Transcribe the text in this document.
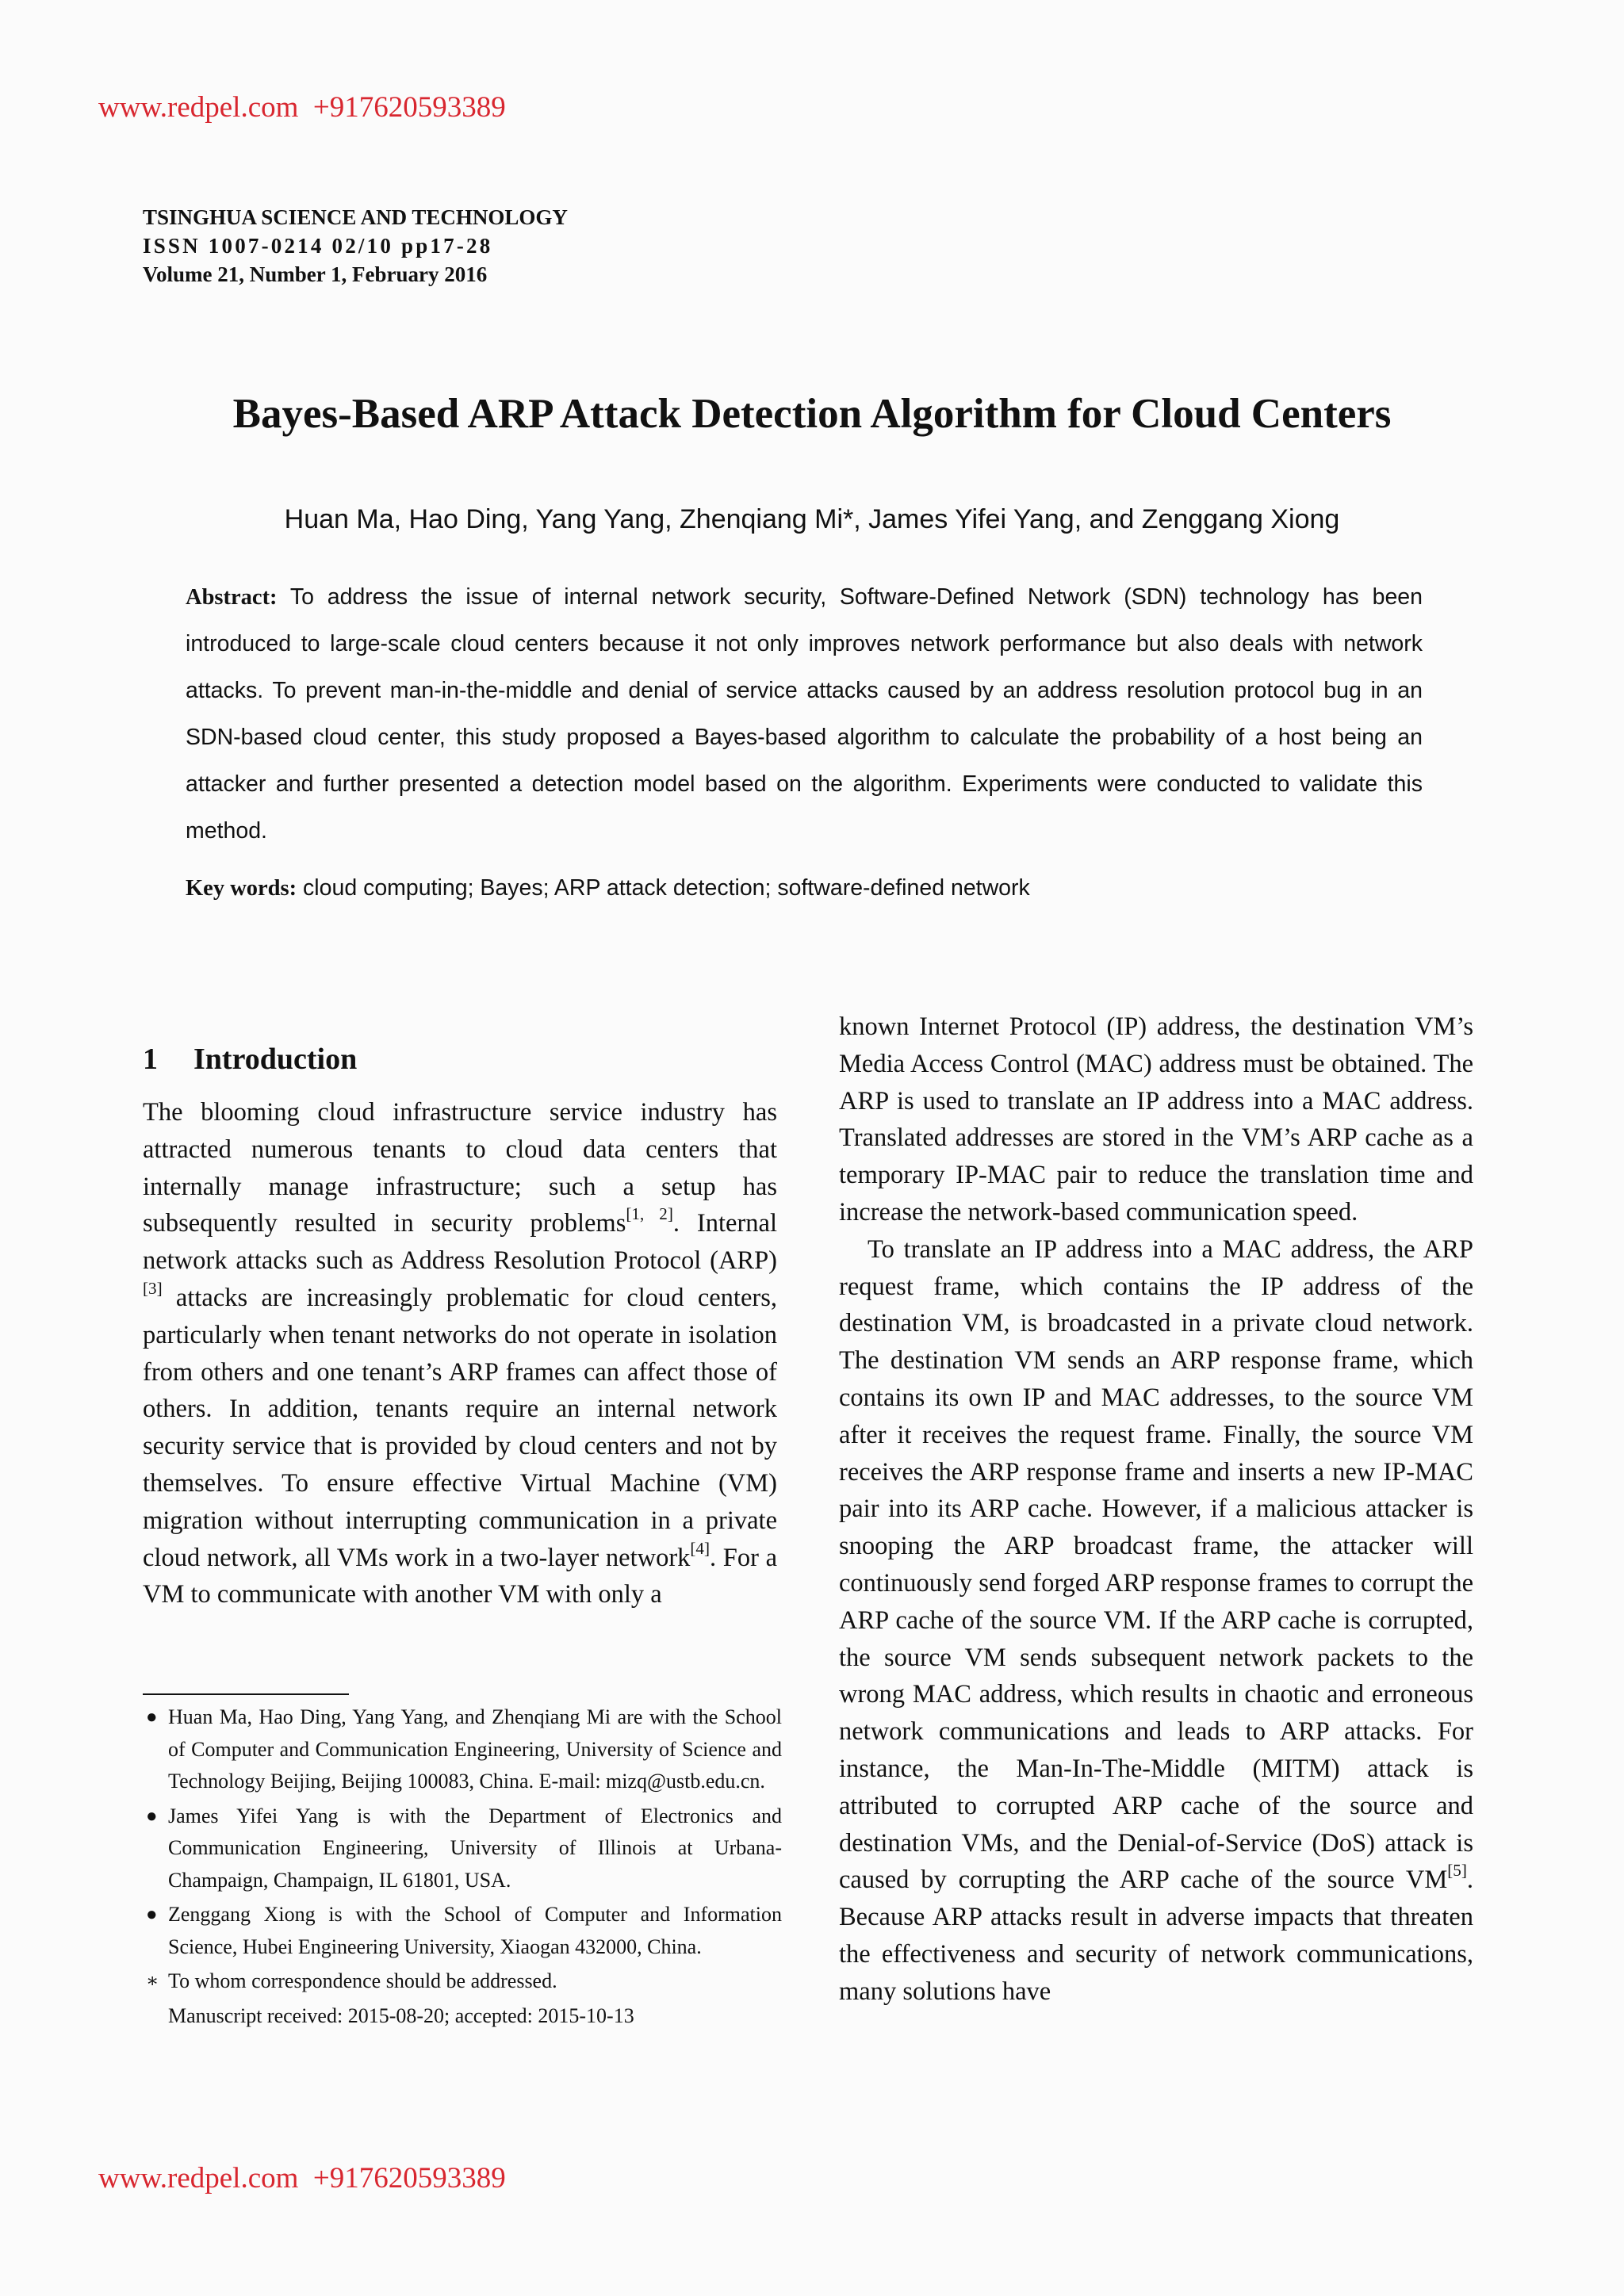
www.redpel.com +917620593389
TSINGHUA SCIENCE AND TECHNOLOGY
ISSN 1007-0214 02/10 pp17-28
Volume 21, Number 1, February 2016
Bayes-Based ARP Attack Detection Algorithm for Cloud Centers
Huan Ma, Hao Ding, Yang Yang, Zhenqiang Mi*, James Yifei Yang, and Zenggang Xiong
Abstract: To address the issue of internal network security, Software-Defined Network (SDN) technology has been introduced to large-scale cloud centers because it not only improves network performance but also deals with network attacks. To prevent man-in-the-middle and denial of service attacks caused by an address resolution protocol bug in an SDN-based cloud center, this study proposed a Bayes-based algorithm to calculate the probability of a host being an attacker and further presented a detection model based on the algorithm. Experiments were conducted to validate this method.
Key words: cloud computing; Bayes; ARP attack detection; software-defined network
1 Introduction

The blooming cloud infrastructure service industry has attracted numerous tenants to cloud data centers that internally manage infrastructure; such a setup has subsequently resulted in security problems[1, 2]. Internal network attacks such as Address Resolution Protocol (ARP)[3] attacks are increasingly problematic for cloud centers, particularly when tenant networks do not operate in isolation from others and one tenant’s ARP frames can affect those of others. In addition, tenants require an internal network security service that is provided by cloud centers and not by themselves. To ensure effective Virtual Machine (VM) migration without interrupting communication in a private cloud network, all VMs work in a two-layer network[4]. For a VM to communicate with another VM with only a

● Huan Ma, Hao Ding, Yang Yang, and Zhenqiang Mi are with the School of Computer and Communication Engineering, University of Science and Technology Beijing, Beijing 100083, China. E-mail: mizq@ustb.edu.cn.
● James Yifei Yang is with the Department of Electronics and Communication Engineering, University of Illinois at Urbana-Champaign, Champaign, IL 61801, USA.
● Zenggang Xiong is with the School of Computer and Information Science, Hubei Engineering University, Xiaogan 432000, China.
∗ To whom correspondence should be addressed.
Manuscript received: 2015-08-20; accepted: 2015-10-13

known Internet Protocol (IP) address, the destination VM’s Media Access Control (MAC) address must be obtained. The ARP is used to translate an IP address into a MAC address. Translated addresses are stored in the VM’s ARP cache as a temporary IP-MAC pair to reduce the translation time and increase the network-based communication speed.

To translate an IP address into a MAC address, the ARP request frame, which contains the IP address of the destination VM, is broadcasted in a private cloud network. The destination VM sends an ARP response frame, which contains its own IP and MAC addresses, to the source VM after it receives the request frame. Finally, the source VM receives the ARP response frame and inserts a new IP-MAC pair into its ARP cache. However, if a malicious attacker is snooping the ARP broadcast frame, the attacker will continuously send forged ARP response frames to corrupt the ARP cache of the source VM. If the ARP cache is corrupted, the source VM sends subsequent network packets to the wrong MAC address, which results in chaotic and erroneous network communications and leads to ARP attacks. For instance, the Man-In-The-Middle (MITM) attack is attributed to corrupted ARP cache of the source and destination VMs, and the Denial-of-Service (DoS) attack is caused by corrupting the ARP cache of the source VM[5]. Because ARP attacks result in adverse impacts that threaten the effectiveness and security of network communications, many solutions have

www.redpel.com +917620593389
